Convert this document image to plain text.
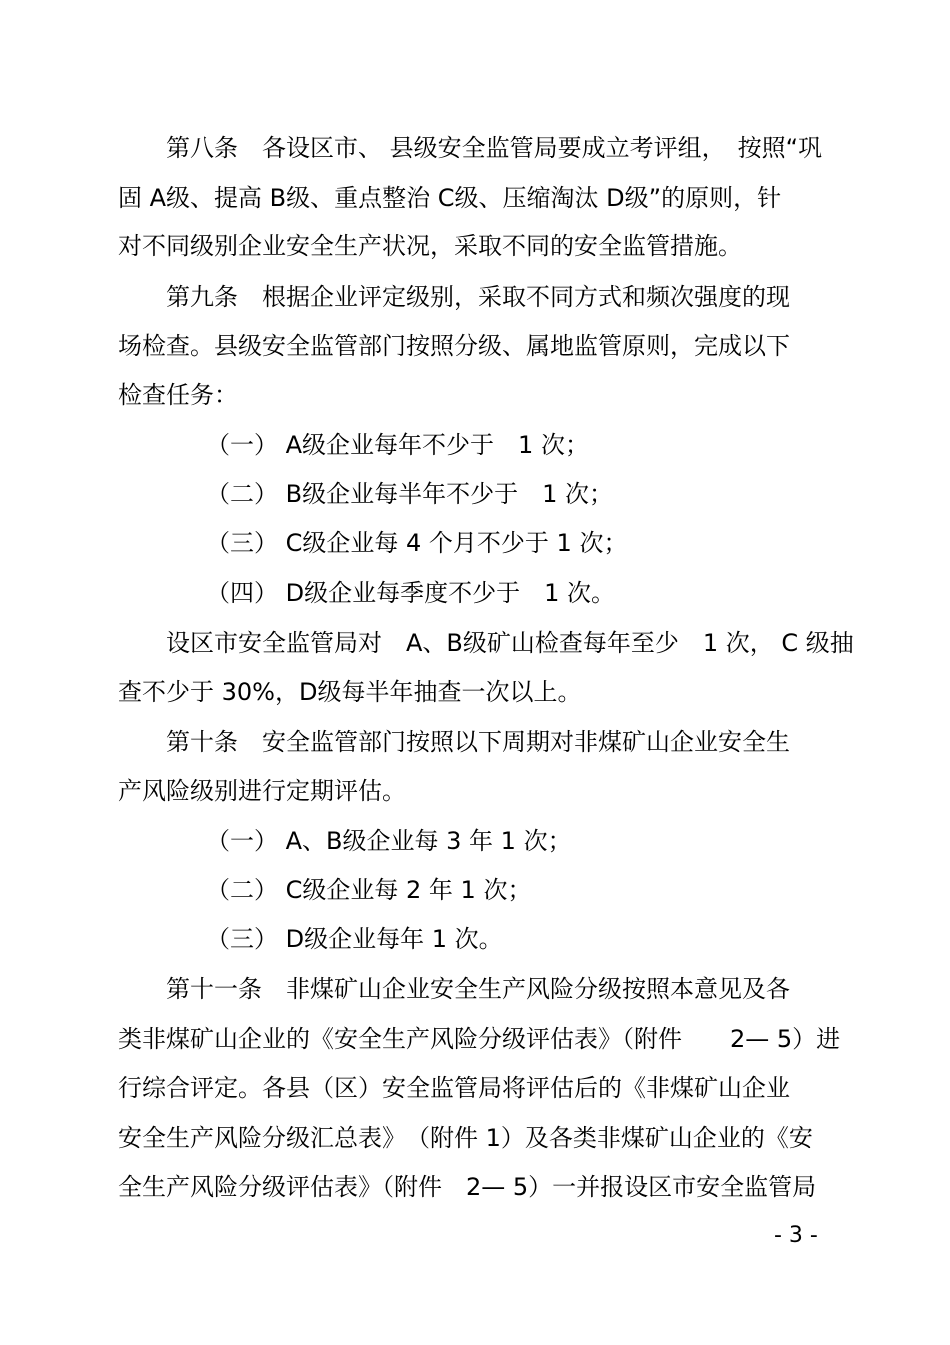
第八条　各设区市、 县级安全监管局要成立考评组，　按照“巩
固 A级、提高 B级、重点整治 C级、压缩淘汰 D级”的原则，针
对不同级别企业安全生产状况，采取不同的安全监管措施。
第九条　根据企业评定级别，采取不同方式和频次强度的现
场检查。县级安全监管部门按照分级、属地监管原则，完成以下
检查任务：
（一） A级企业每年不少于　1 次；
（二） B级企业每半年不少于　1 次；
（三） C级企业每 4 个月不少于 1 次；
（四） D级企业每季度不少于　1 次。
设区市安全监管局对　A、B级矿山检查每年至少　1 次， C 级抽
查不少于 30%，D级每半年抽查一次以上。
第十条　安全监管部门按照以下周期对非煤矿山企业安全生
产风险级别进行定期评估。
（一） A、B级企业每 3 年 1 次；
（二） C级企业每 2 年 1 次；
（三） D级企业每年 1 次。
第十一条　非煤矿山企业安全生产风险分级按照本意见及各
类非煤矿山企业的《安全生产风险分级评估表》（附件　　2— 5）进
行综合评定。各县（区）安全监管局将评估后的《非煤矿山企业
安全生产风险分级汇总表》　（附件 1）及各类非煤矿山企业的《安
全生产风险分级评估表》（附件　2— 5）一并报设区市安全监管局
- 3 -
